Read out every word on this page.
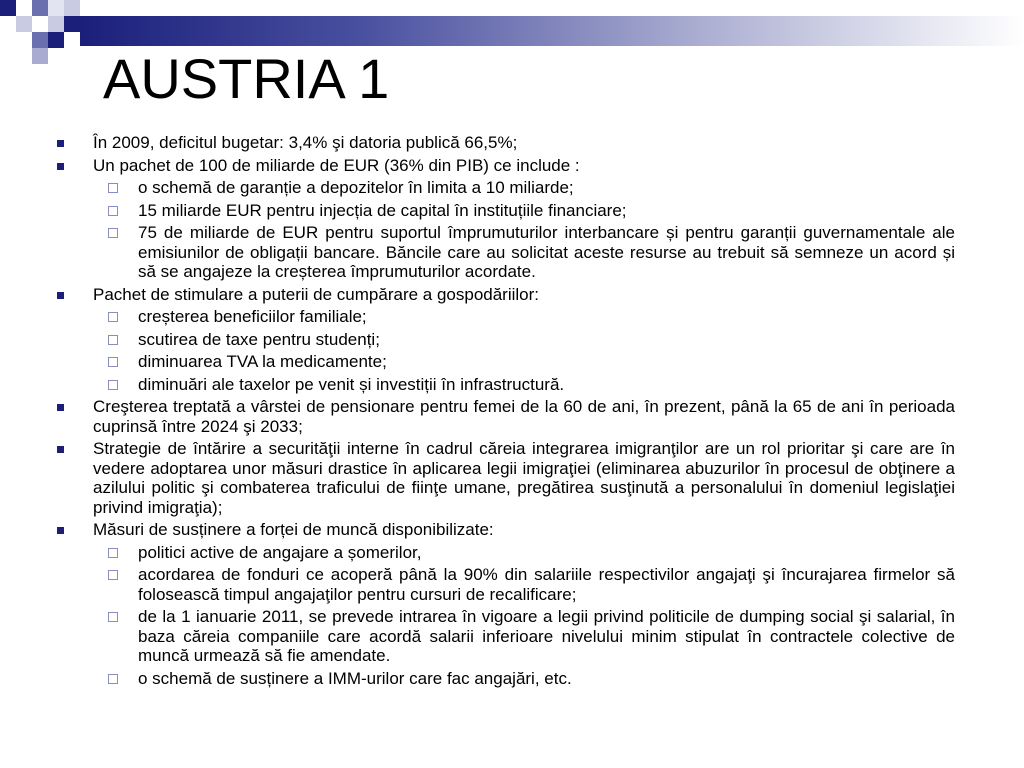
AUSTRIA 1
În 2009, deficitul bugetar: 3,4% şi datoria publică 66,5%;
Un pachet de 100 de miliarde de EUR (36% din PIB) ce include :
o schemă de garanție a depozitelor în limita a 10 miliarde;
15 miliarde EUR pentru injecția de capital în instituțiile financiare;
75 de miliarde de EUR pentru suportul împrumuturilor interbancare și pentru garanții guvernamentale ale emisiunilor de obligații bancare. Băncile care au solicitat aceste resurse au trebuit să semneze un acord și să se angajeze la creșterea împrumuturilor acordate.
Pachet de stimulare a puterii de cumpărare a gospodăriilor:
creșterea beneficiilor familiale;
scutirea de taxe pentru studenți;
diminuarea TVA la medicamente;
diminuări ale taxelor pe venit și investiții în infrastructură.
Creşterea treptată a vârstei de pensionare pentru femei de la 60 de ani, în prezent, până la 65 de ani în perioada cuprinsă între 2024 şi 2033;
Strategie de întărire a securităţii interne în cadrul căreia integrarea imigranţilor are un rol prioritar şi care are în vedere adoptarea unor măsuri drastice în aplicarea legii imigraţiei (eliminarea abuzurilor în procesul de obţinere a azilului politic şi combaterea traficului de fiinţe umane, pregătirea susţinută a personalului în domeniul legislaţiei privind imigraţia);
Măsuri de susținere a forței de muncă disponibilizate:
politici active de angajare a șomerilor,
acordarea de fonduri ce acoperă până la 90% din salariile respectivilor angajaţi şi încurajarea firmelor să folosească timpul angajaţilor pentru cursuri de recalificare;
de la 1 ianuarie 2011, se prevede intrarea în vigoare a legii privind politicile de dumping social şi salarial, în baza căreia companiile care acordă salarii inferioare nivelului minim stipulat în contractele colective de muncă urmează să fie amendate.
o schemă de susținere a IMM-urilor care fac angajări, etc.
